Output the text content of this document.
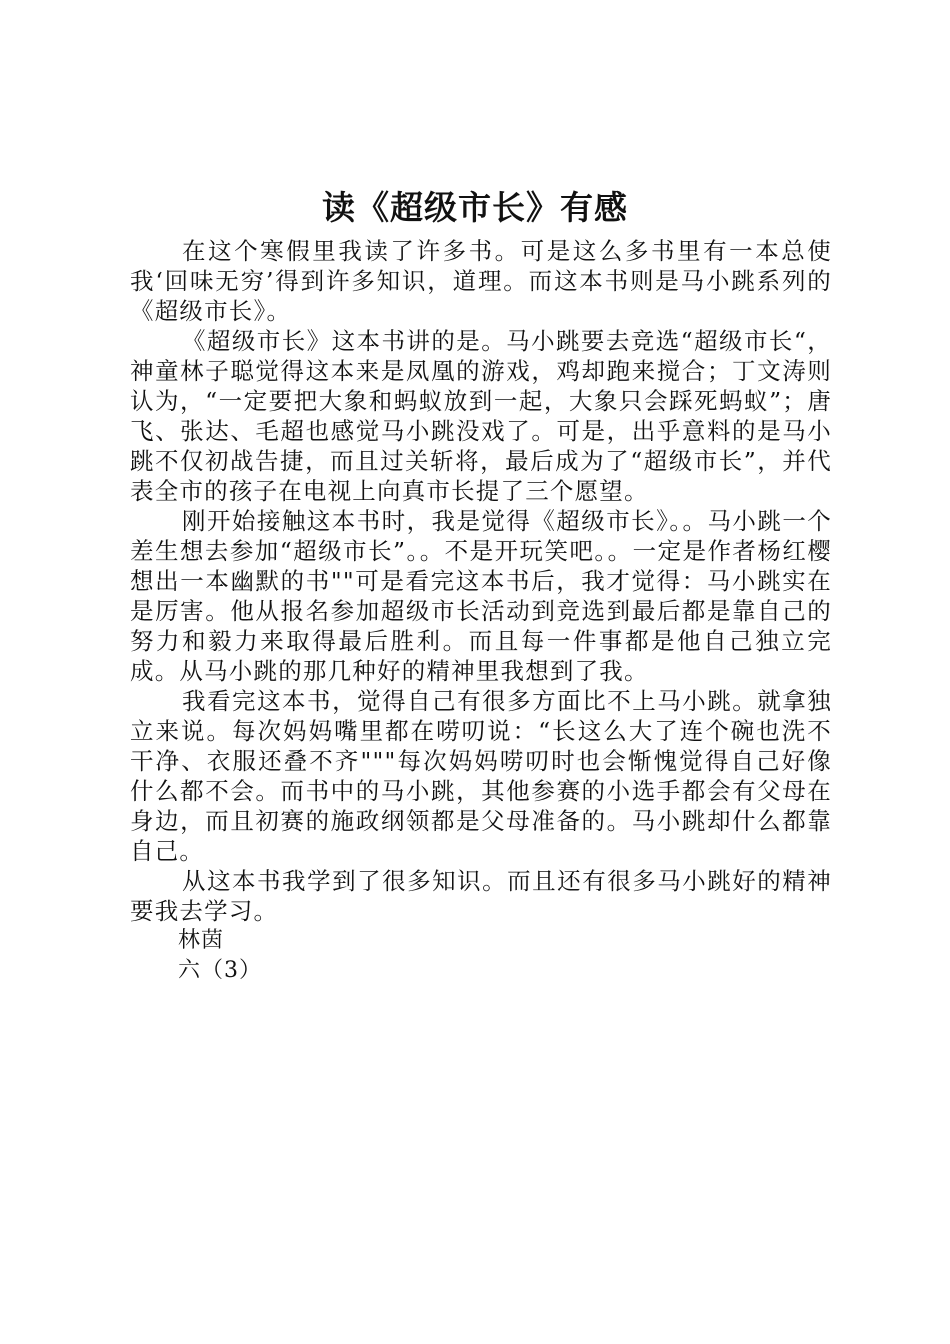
读《超级市长》有感

在这个寒假里我读了许多书。可是这么多书里有一本总使我‘回味无穷’得到许多知识，道理。而这本书则是马小跳系列的《超级市长》。

《超级市长》这本书讲的是。马小跳要去竞选“超级市长“，神童林子聪觉得这本来是凤凰的游戏，鸡却跑来搅合；丁文涛则认为，“一定要把大象和蚂蚁放到一起，大象只会踩死蚂蚁”；唐飞、张达、毛超也感觉马小跳没戏了。可是，出乎意料的是马小跳不仅初战告捷，而且过关斩将，最后成为了“超级市长”，并代表全市的孩子在电视上向真市长提了三个愿望。

刚开始接触这本书时，我是觉得《超级市长》。。马小跳一个差生想去参加“超级市长”。。不是开玩笑吧。。一定是作者杨红樱想出一本幽默的书""可是看完这本书后，我才觉得：马小跳实在是厉害。他从报名参加超级市长活动到竞选到最后都是靠自己的努力和毅力来取得最后胜利。而且每一件事都是他自己独立完成。从马小跳的那几种好的精神里我想到了我。

我看完这本书，觉得自己有很多方面比不上马小跳。就拿独立来说。每次妈妈嘴里都在唠叨说：“长这么大了连个碗也洗不干净、衣服还叠不齐"""每次妈妈唠叨时也会惭愧觉得自己好像什么都不会。而书中的马小跳，其他参赛的小选手都会有父母在身边，而且初赛的施政纲领都是父母准备的。马小跳却什么都靠自己。

从这本书我学到了很多知识。而且还有很多马小跳好的精神要我去学习。

林茵

六（3）
